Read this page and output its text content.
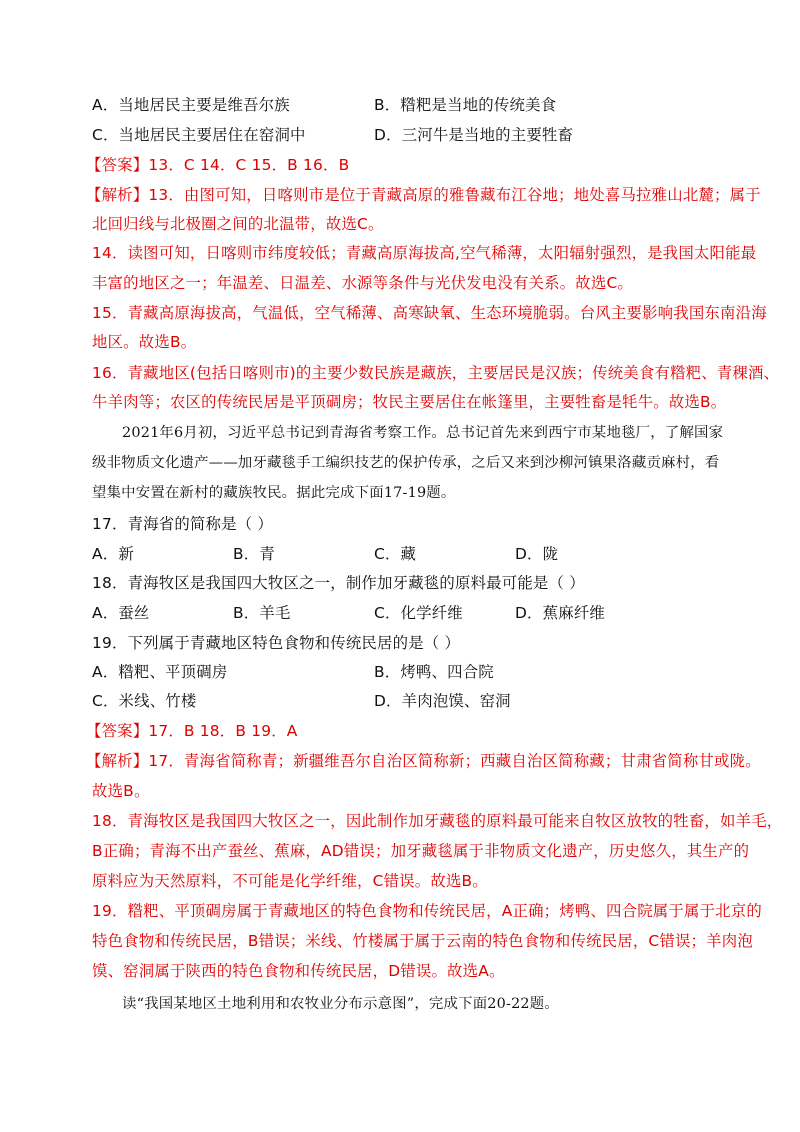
A．当地居民主要是维吾尔族	B．糌粑是当地的传统美食
C．当地居民主要居住在窑洞中	D．三河牛是当地的主要牲畜
【答案】13．C 14．C 15．B 16．B
【解析】13．由图可知，日喀则市是位于青藏高原的雅鲁藏布江谷地；地处喜马拉雅山北麓；属于
北回归线与北极圈之间的北温带，故选C。
14．读图可知，日喀则市纬度较低；青藏高原海拔高,空气稀薄，太阳辐射强烈，是我国太阳能最
丰富的地区之一；年温差、日温差、水源等条件与光伏发电没有关系。故选C。
15．青藏高原海拔高，气温低，空气稀薄、高寒缺氧、生态环境脆弱。台风主要影响我国东南沿海
地区。故选B。
16．青藏地区(包括日喀则市)的主要少数民族是藏族，主要居民是汉族；传统美食有糌粑、青稞酒、
牛羊肉等；农区的传统民居是平顶碉房；牧民主要居住在帐篷里，主要牲畜是牦牛。故选B。
2021年6月初，习近平总书记到青海省考察工作。总书记首先来到西宁市某地毯厂，了解国家
级非物质文化遗产——加牙藏毯手工编织技艺的保护传承，之后又来到沙柳河镇果洛藏贡麻村，看
望集中安置在新村的藏族牧民。据此完成下面17-19题。
17．青海省的简称是（ ）
A．新	B．青	C．藏	D．陇
18．青海牧区是我国四大牧区之一，制作加牙藏毯的原料最可能是（ ）
A．蚕丝	B．羊毛	C．化学纤维	D．蕉麻纤维
19．下列属于青藏地区特色食物和传统民居的是（ ）
A．糌粑、平顶碉房	B．烤鸭、四合院
C．米线、竹楼	D．羊肉泡馍、窑洞
【答案】17．B 18．B 19．A
【解析】17．青海省简称青；新疆维吾尔自治区简称新；西藏自治区简称藏；甘肃省简称甘或陇。
故选B。
18．青海牧区是我国四大牧区之一，因此制作加牙藏毯的原料最可能来自牧区放牧的牲畜，如羊毛，
B正确；青海不出产蚕丝、蕉麻，AD错误；加牙藏毯属于非物质文化遗产，历史悠久，其生产的
原料应为天然原料，不可能是化学纤维，C错误。故选B。
19．糌粑、平顶碉房属于青藏地区的特色食物和传统民居，A正确；烤鸭、四合院属于属于北京的
特色食物和传统民居，B错误；米线、竹楼属于属于云南的特色食物和传统民居，C错误；羊肉泡
馍、窑洞属于陕西的特色食物和传统民居，D错误。故选A。
读“我国某地区土地利用和农牧业分布示意图”，完成下面20-22题。
